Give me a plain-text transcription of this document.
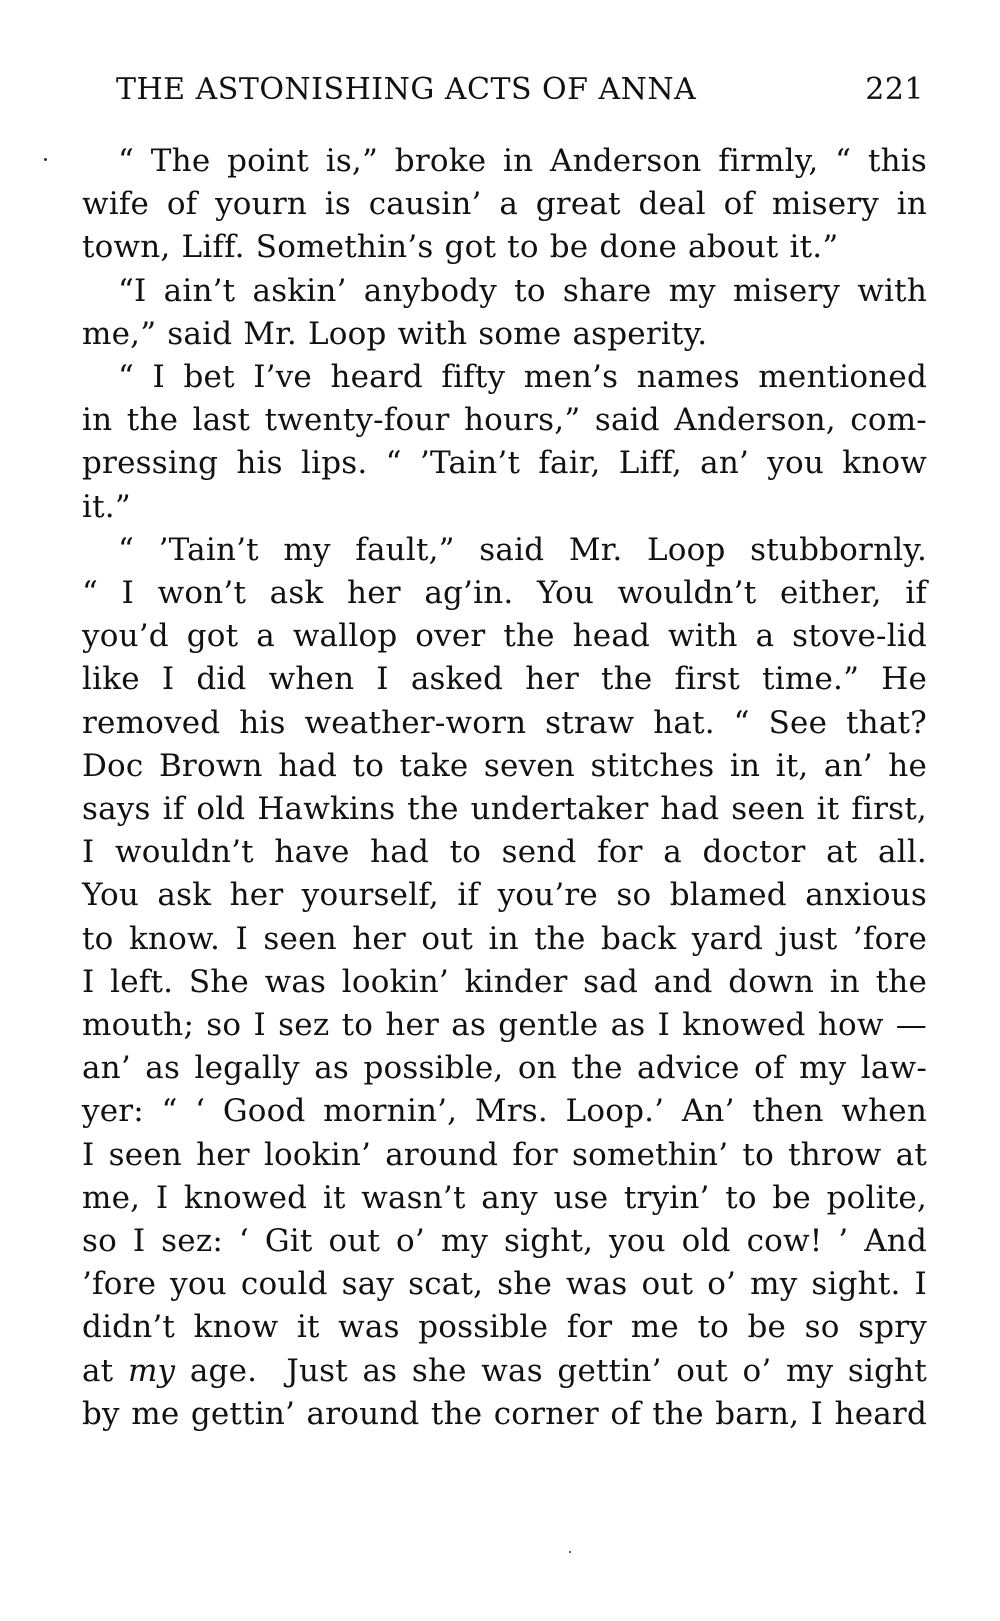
THE ASTONISHING ACTS OF ANNA	221

“ The point is,” broke in Anderson firmly, “ this
wife of yourn is causin’ a great deal of misery in
town, Liff. Somethin’s got to be done about it.”

“I ain’t askin’ anybody to share my misery with
me,” said Mr. Loop with some asperity.

“ I bet I’ve heard fifty men’s names mentioned
in the last twenty-four hours,” said Anderson, com-
pressing his lips. “ ’Tain’t fair, Liff, an’ you know
it.”

“ ’Tain’t my fault,” said Mr. Loop stubbornly.
“ I won’t ask her ag’in. You wouldn’t either, if
you’d got a wallop over the head with a stove-lid
like I did when I asked her the first time.” He
removed his weather-worn straw hat. “ See that?
Doc Brown had to take seven stitches in it, an’ he
says if old Hawkins the undertaker had seen it first,
I wouldn’t have had to send for a doctor at all.
You ask her yourself, if you’re so blamed anxious
to know. I seen her out in the back yard just ’fore
I left. She was lookin’ kinder sad and down in the
mouth; so I sez to her as gentle as I knowed how —
an’ as legally as possible, on the advice of my law-
yer: “ ‘ Good mornin’, Mrs. Loop.’ An’ then when
I seen her lookin’ around for somethin’ to throw at
me, I knowed it wasn’t any use tryin’ to be polite,
so I sez: ‘ Git out o’ my sight, you old cow! ’ And
’fore you could say scat, she was out o’ my sight. I
didn’t know it was possible for me to be so spry
at my age.  Just as she was gettin’ out o’ my sight
by me gettin’ around the corner of the barn, I heard
